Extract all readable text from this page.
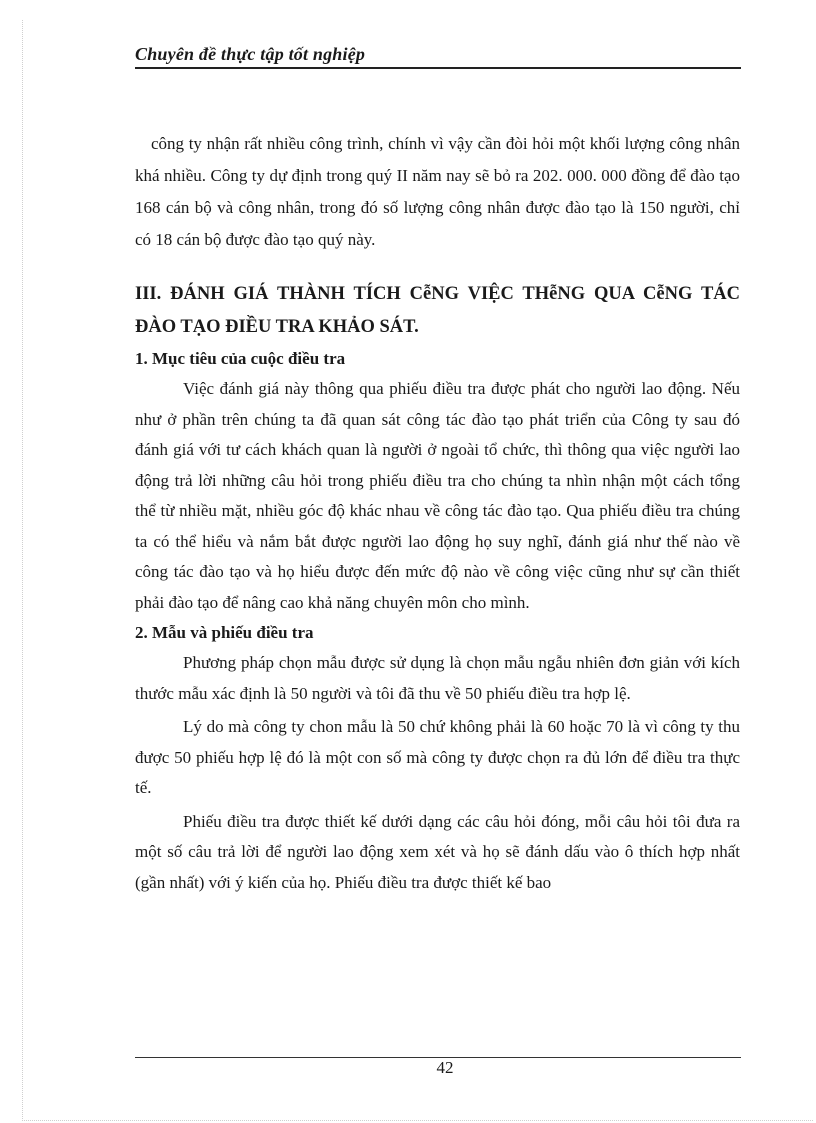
Chuyên đề thực tập tốt nghiệp

công ty nhận rất nhiều công trình, chính vì vậy cần đòi hỏi một khối lượng công nhân khá nhiều. Công ty dự định trong quý II năm nay sẽ bỏ ra 202. 000. 000 đồng để đào tạo 168 cán bộ và công nhân, trong đó số lượng công nhân được đào tạo là 150 người, chỉ có 18 cán bộ được đào tạo quý này.

III. ĐÁNH GIÁ THÀNH TÍCH CễNG VIỆC THễNG QUA CễNG TÁC ĐÀO TẠO ĐIỀU TRA KHẢO SÁT.

1. Mục tiêu của cuộc điều tra

Việc đánh giá này thông qua phiếu điều tra được phát cho người lao động. Nếu như ở phần trên chúng ta đã quan sát công tác đào tạo phát triển của Công ty sau đó đánh giá với tư cách khách quan là người ở ngoài tổ chức, thì thông qua việc người lao động trả lời những câu hỏi trong phiếu điều tra cho chúng ta nhìn nhận một cách tổng thể từ nhiều mặt, nhiều góc độ khác nhau về công tác đào tạo. Qua phiếu điều tra chúng ta có thể hiểu và nắm bắt được người lao động họ suy nghĩ, đánh giá như thế nào về công tác đào tạo và họ hiểu được đến mức độ nào về công việc cũng như sự cần thiết phải đào tạo để nâng cao khả năng chuyên môn cho mình.

2. Mẫu và phiếu điều tra

Phương pháp chọn mẫu được sử dụng là chọn mẫu ngẫu nhiên đơn giản với kích thước mẫu xác định là 50 người và tôi đã thu về 50 phiếu điều tra hợp lệ.

Lý do mà công ty chon mẫu là 50 chứ không phải là 60 hoặc 70 là vì công ty thu được 50 phiếu hợp lệ đó là một con số mà công ty được chọn ra đủ lớn để điều tra thực tế.

Phiếu điều tra được thiết kế dưới dạng các câu hỏi đóng, mỗi câu hỏi tôi đưa ra một số câu trả lời để người lao động xem xét và họ sẽ đánh dấu vào ô thích hợp nhất (gần nhất) với ý kiến của họ. Phiếu điều tra được thiết kế bao

42
